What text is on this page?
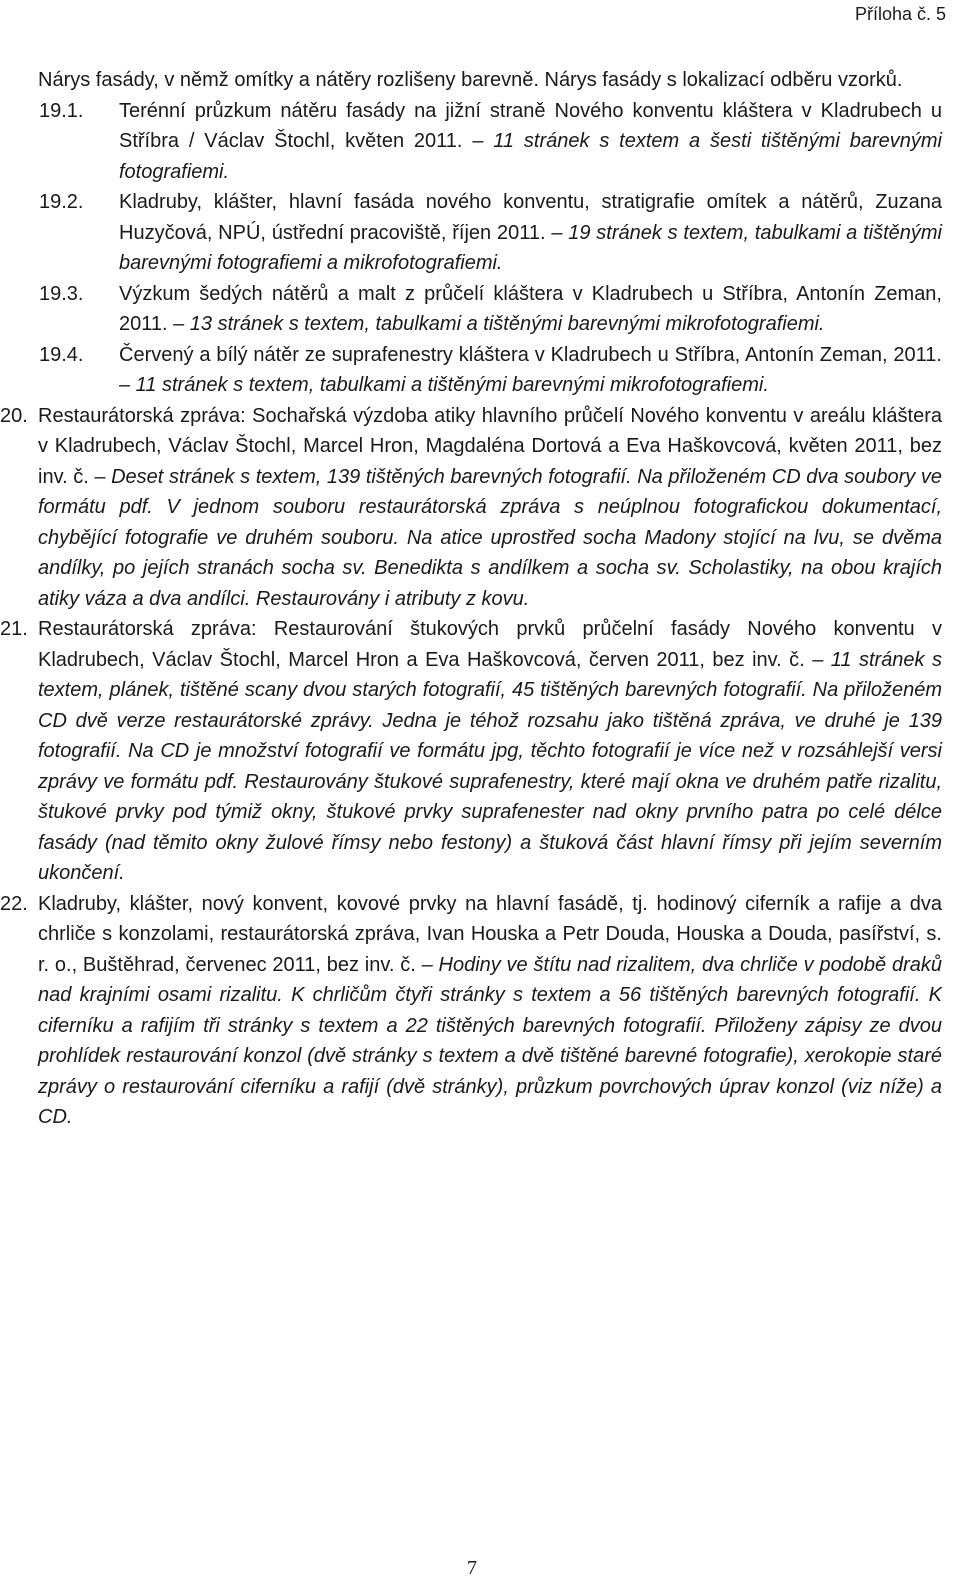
Příloha č. 5

Nárys fasády, v němž omítky a nátěry rozlišeny barevně. Nárys fasády s lokalizací odběru vzorků.

19.1. Terénní průzkum nátěru fasády na jižní straně Nového konventu kláštera v Kladrubech u Stříbra / Václav Štochl, květen 2011. – 11 stránek s textem a šesti tištěnými barevnými fotografiemi.

19.2. Kladruby, klášter, hlavní fasáda nového konventu, stratigrafie omítek a nátěrů, Zuzana Huzyčová, NPÚ, ústřední pracoviště, říjen 2011. – 19 stránek s textem, tabulkami a tištěnými barevnými fotografiemi a mikrofotografiemi.

19.3. Výzkum šedých nátěrů a malt z průčelí kláštera v Kladrubech u Stříbra, Antonín Zeman, 2011. – 13 stránek s textem, tabulkami a tištěnými barevnými mikrofotografiemi.

19.4. Červený a bílý nátěr ze suprafenestry kláštera v Kladrubech u Stříbra, Antonín Zeman, 2011. – 11 stránek s textem, tabulkami a tištěnými barevnými mikrofotografiemi.

20. Restaurátorská zpráva: Sochařská výzdoba atiky hlavního průčelí Nového konventu v areálu kláštera v Kladrubech, Václav Štochl, Marcel Hron, Magdaléna Dortová a Eva Haškovcová, květen 2011, bez inv. č. – Deset stránek s textem, 139 tištěných barevných fotografií. Na přiloženém CD dva soubory ve formátu pdf. V jednom souboru restaurátorská zpráva s neúplnou fotografickou dokumentací, chybějící fotografie ve druhém souboru. Na atice uprostřed socha Madony stojící na lvu, se dvěma andílky, po jejích stranách socha sv. Benedikta s andílkem a socha sv. Scholastiky, na obou krajích atiky váza a dva andílci. Restaurovány i atributy z kovu.

21. Restaurátorská zpráva: Restaurování štukových prvků průčelní fasády Nového konventu v Kladrubech, Václav Štochl, Marcel Hron a Eva Haškovcová, červen 2011, bez inv. č. – 11 stránek s textem, plánek, tištěné scany dvou starých fotografií, 45 tištěných barevných fotografií. Na přiloženém CD dvě verze restaurátorské zprávy. Jedna je téhož rozsahu jako tištěná zpráva, ve druhé je 139 fotografií. Na CD je množství fotografií ve formátu jpg, těchto fotografií je více než v rozsáhlejší versi zprávy ve formátu pdf. Restaurovány štukové suprafenestry, které mají okna ve druhém patře rizalitu, štukové prvky pod týmiž okny, štukové prvky suprafenester nad okny prvního patra po celé délce fasády (nad těmito okny žulové římsy nebo festony) a štuková část hlavní římsy při jejím severním ukončení.

22. Kladruby, klášter, nový konvent, kovové prvky na hlavní fasádě, tj. hodinový ciferník a rafije a dva chrliče s konzolami, restaurátorská zpráva, Ivan Houska a Petr Douda, Houska a Douda, pasířství, s. r. o., Buštěhrad, červenec 2011, bez inv. č. – Hodiny ve štítu nad rizalitem, dva chrliče v podobě draků nad krajními osami rizalitu. K chrličům čtyři stránky s textem a 56 tištěných barevných fotografií. K ciferníku a rafijím tři stránky s textem a 22 tištěných barevných fotografií. Přiloženy zápisy ze dvou prohlídek restaurování konzol (dvě stránky s textem a dvě tištěné barevné fotografie), xerokopie staré zprávy o restaurování ciferníku a rafijí (dvě stránky), průzkum povrchových úprav konzol (viz níže) a CD.

7
